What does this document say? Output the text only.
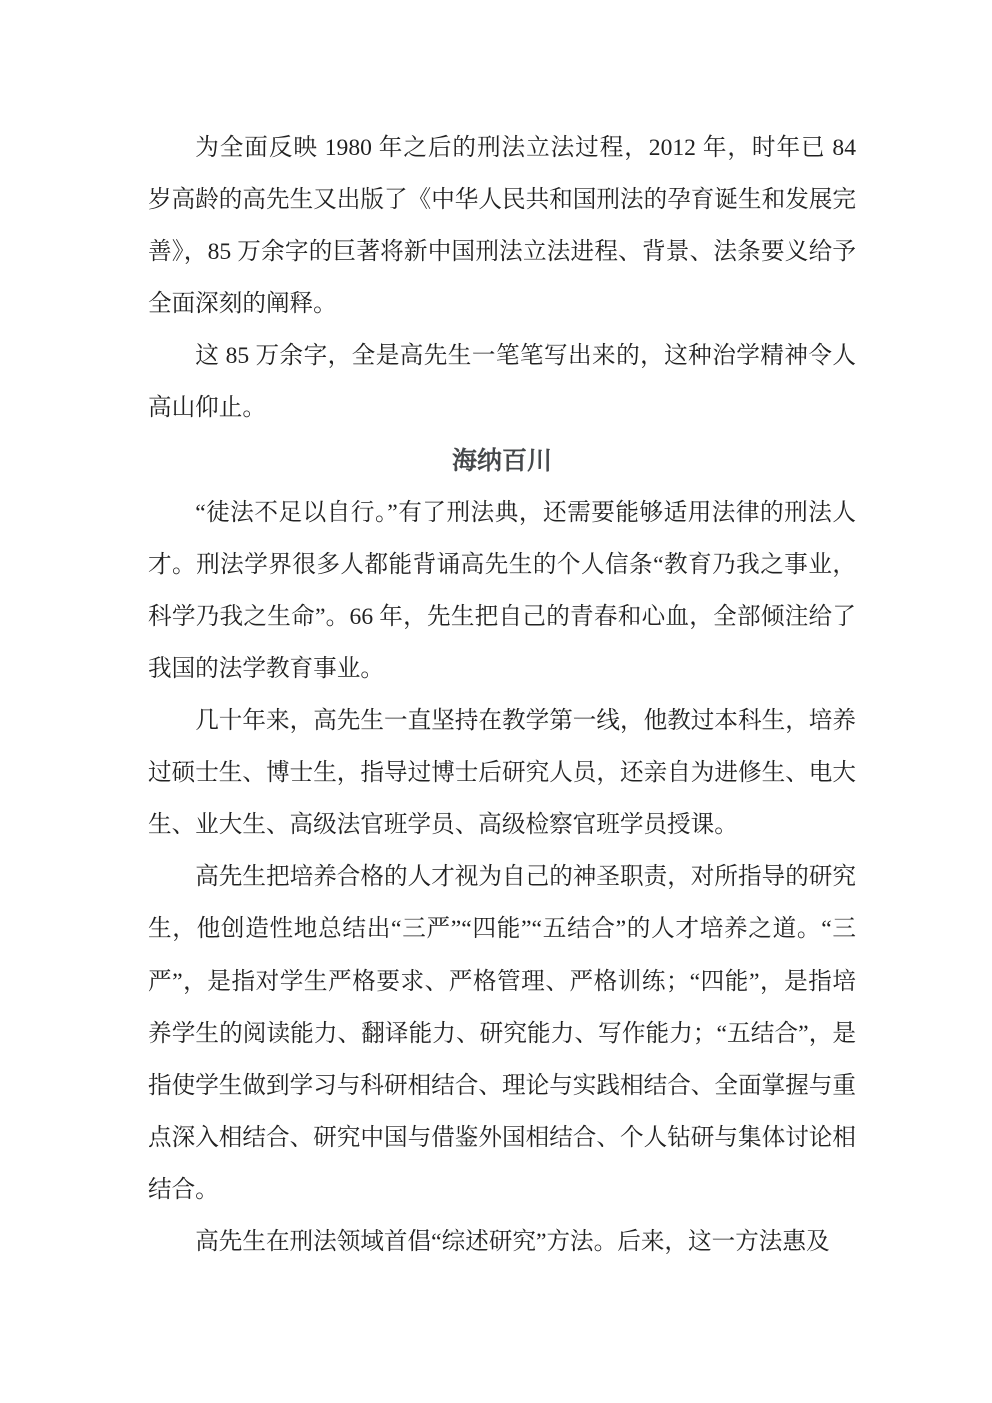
为全面反映 1980 年之后的刑法立法过程，2012 年，时年已 84 岁高龄的高先生又出版了《中华人民共和国刑法的孕育诞生和发展完善》，85 万余字的巨著将新中国刑法立法进程、背景、法条要义给予全面深刻的阐释。

这 85 万余字，全是高先生一笔笔写出来的，这种治学精神令人高山仰止。

海纳百川

“徒法不足以自行。”有了刑法典，还需要能够适用法律的刑法人才。刑法学界很多人都能背诵高先生的个人信条“教育乃我之事业，科学乃我之生命”。66 年，先生把自己的青春和心血，全部倾注给了我国的法学教育事业。

几十年来，高先生一直坚持在教学第一线，他教过本科生，培养过硕士生、博士生，指导过博士后研究人员，还亲自为进修生、电大生、业大生、高级法官班学员、高级检察官班学员授课。

高先生把培养合格的人才视为自己的神圣职责，对所指导的研究生，他创造性地总结出“三严”“四能”“五结合”的人才培养之道。“三严”，是指对学生严格要求、严格管理、严格训练；“四能”，是指培养学生的阅读能力、翻译能力、研究能力、写作能力；“五结合”，是指使学生做到学习与科研相结合、理论与实践相结合、全面掌握与重点深入相结合、研究中国与借鉴外国相结合、个人钻研与集体讨论相结合。

高先生在刑法领域首倡“综述研究”方法。后来，这一方法惠及
